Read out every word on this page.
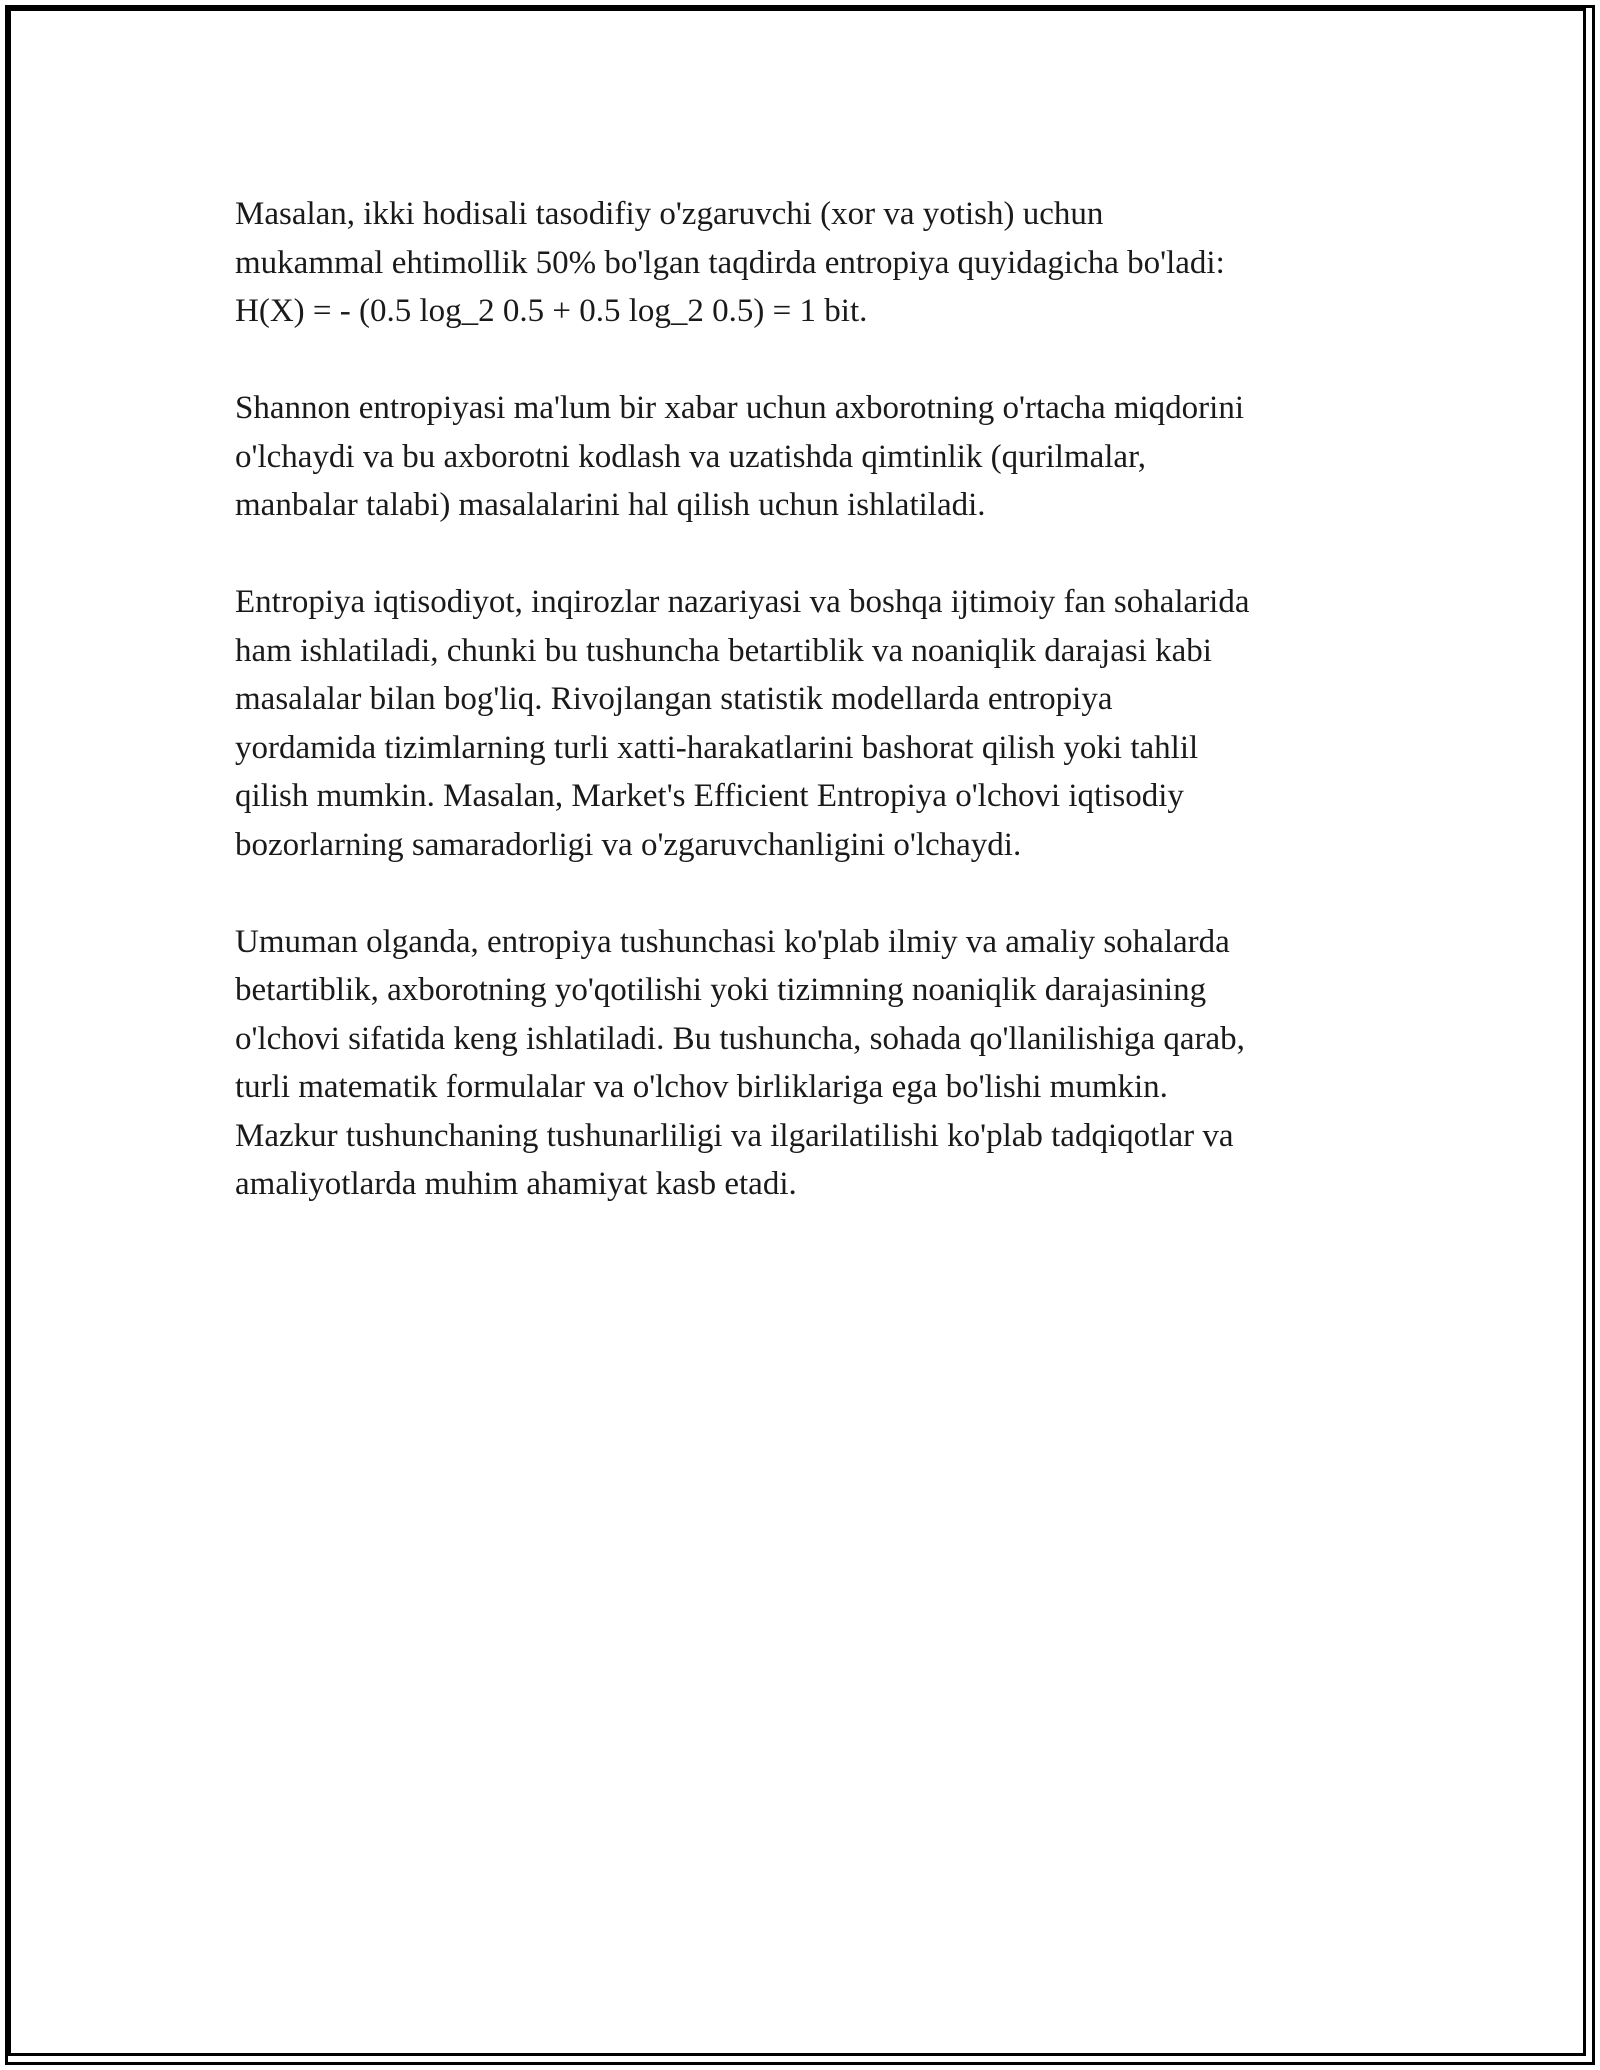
Masalan, ikki hodisali tasodifiy o'zgaruvchi (xor va yotish) uchun
mukammal ehtimollik 50% bo'lgan taqdirda entropiya quyidagicha bo'ladi:
H(X) = - (0.5 log_2 0.5 + 0.5 log_2 0.5) = 1 bit.
Shannon entropiyasi ma'lum bir xabar uchun axborotning o'rtacha miqdorini
o'lchaydi va bu axborotni kodlash va uzatishda qimtinlik (qurilmalar,
manbalar talabi) masalalarini hal qilish uchun ishlatiladi.
Entropiya iqtisodiyot, inqirozlar nazariyasi va boshqa ijtimoiy fan sohalarida
ham ishlatiladi, chunki bu tushuncha betartiblik va noaniqlik darajasi kabi
masalalar bilan bog'liq. Rivojlangan statistik modellarda entropiya
yordamida tizimlarning turli xatti-harakatlarini bashorat qilish yoki tahlil
qilish mumkin. Masalan, Market's Efficient Entropiya o'lchovi iqtisodiy
bozorlarning samaradorligi va o'zgaruvchanligini o'lchaydi.
Umuman olganda, entropiya tushunchasi ko'plab ilmiy va amaliy sohalarda
betartiblik, axborotning yo'qotilishi yoki tizimning noaniqlik darajasining
o'lchovi sifatida keng ishlatiladi. Bu tushuncha, sohada qo'llanilishiga qarab,
turli matematik formulalar va o'lchov birliklariga ega bo'lishi mumkin.
Mazkur tushunchaning tushunarliligi va ilgarilatilishi ko'plab tadqiqotlar va
amaliyotlarda muhim ahamiyat kasb etadi.
